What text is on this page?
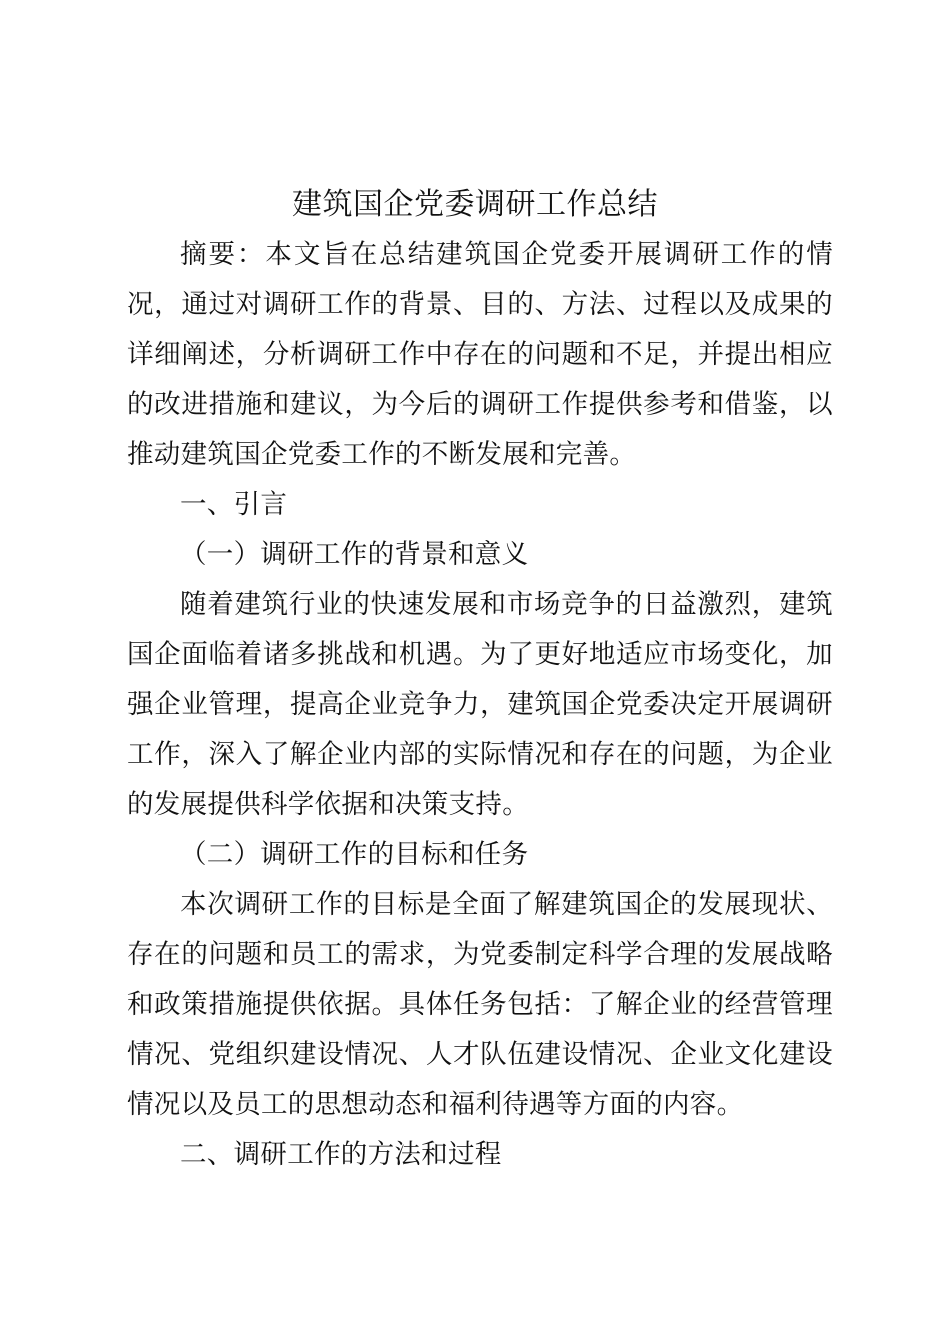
建筑国企党委调研工作总结

摘要：本文旨在总结建筑国企党委开展调研工作的情况，通过对调研工作的背景、目的、方法、过程以及成果的详细阐述，分析调研工作中存在的问题和不足，并提出相应的改进措施和建议，为今后的调研工作提供参考和借鉴，以推动建筑国企党委工作的不断发展和完善。

一、引言

（一）调研工作的背景和意义

随着建筑行业的快速发展和市场竞争的日益激烈，建筑国企面临着诸多挑战和机遇。为了更好地适应市场变化，加强企业管理，提高企业竞争力，建筑国企党委决定开展调研工作，深入了解企业内部的实际情况和存在的问题，为企业的发展提供科学依据和决策支持。

（二）调研工作的目标和任务

本次调研工作的目标是全面了解建筑国企的发展现状、存在的问题和员工的需求，为党委制定科学合理的发展战略和政策措施提供依据。具体任务包括：了解企业的经营管理情况、党组织建设情况、人才队伍建设情况、企业文化建设情况以及员工的思想动态和福利待遇等方面的内容。

二、调研工作的方法和过程
